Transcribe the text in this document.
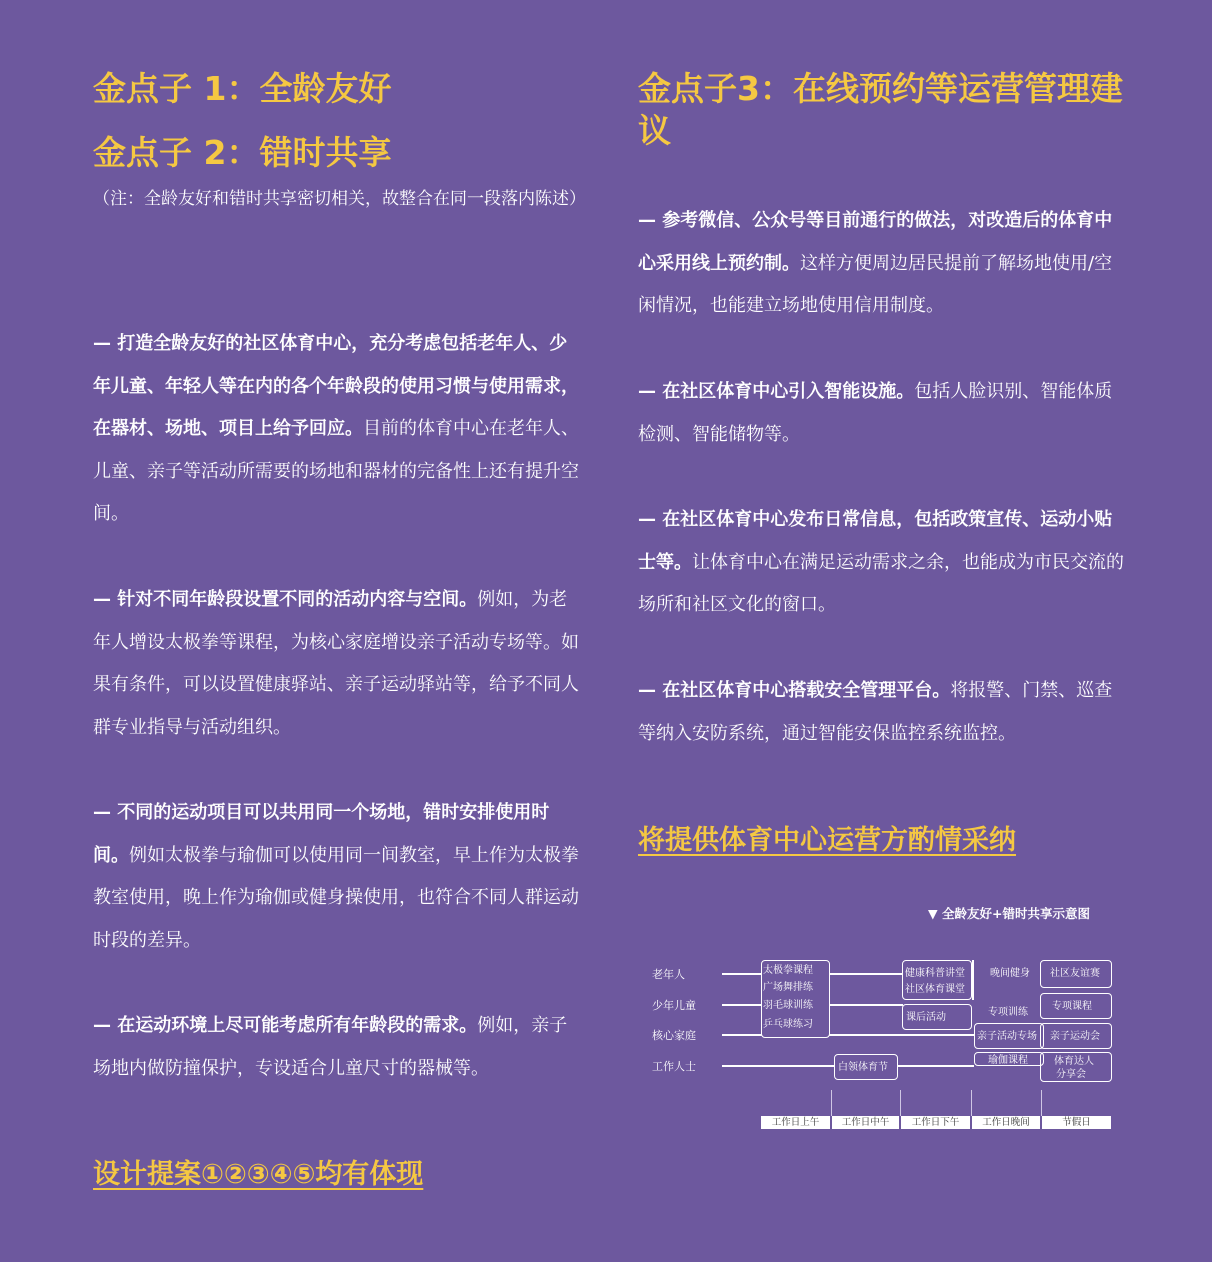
金点子 1：全龄友好
金点子 2：错时共享

（注：全龄友好和错时共享密切相关，故整合在同一段落内陈述）

— 打造全龄友好的社区体育中心，充分考虑包括老年人、少年儿童、年轻人等在内的各个年龄段的使用习惯与使用需求，在器材、场地、项目上给予回应。目前的体育中心在老年人、儿童、亲子等活动所需要的场地和器材的完备性上还有提升空间。

— 针对不同年龄段设置不同的活动内容与空间。例如，为老年人增设太极拳等课程，为核心家庭增设亲子活动专场等。如果有条件，可以设置健康驿站、亲子运动驿站等，给予不同人群专业指导与活动组织。

— 不同的运动项目可以共用同一个场地，错时安排使用时间。例如太极拳与瑜伽可以使用同一间教室，早上作为太极拳教室使用，晚上作为瑜伽或健身操使用，也符合不同人群运动时段的差异。

— 在运动环境上尽可能考虑所有年龄段的需求。例如，亲子场地内做防撞保护，专设适合儿童尺寸的器械等。

设计提案①②③④⑤均有体现
金点子3：在线预约等运营管理建议

— 参考微信、公众号等目前通行的做法，对改造后的体育中心采用线上预约制。这样方便周边居民提前了解场地使用/空闲情况，也能建立场地使用信用制度。

— 在社区体育中心引入智能设施。包括人脸识别、智能体质检测、智能储物等。

— 在社区体育中心发布日常信息，包括政策宣传、运动小贴士等。让体育中心在满足运动需求之余，也能成为市民交流的场所和社区文化的窗口。

— 在社区体育中心搭载安全管理平台。将报警、门禁、巡查等纳入安防系统，通过智能安保监控系统监控。

将提供体育中心运营方酌情采纳
▼ 全龄友好+错时共享示意图
老年人
少年儿童
核心家庭
工作人士
太极拳课程
广场舞排练
羽毛球训练
乒乓球练习
白领体育节
健康科普讲堂
社区体育课堂
课后活动
晚间健身
专项训练
亲子活动专场
瑜伽课程
社区友谊赛
专项课程
亲子运动会
体育达人
分享会
工作日上午	工作日中午	工作日下午	工作日晚间	节假日
